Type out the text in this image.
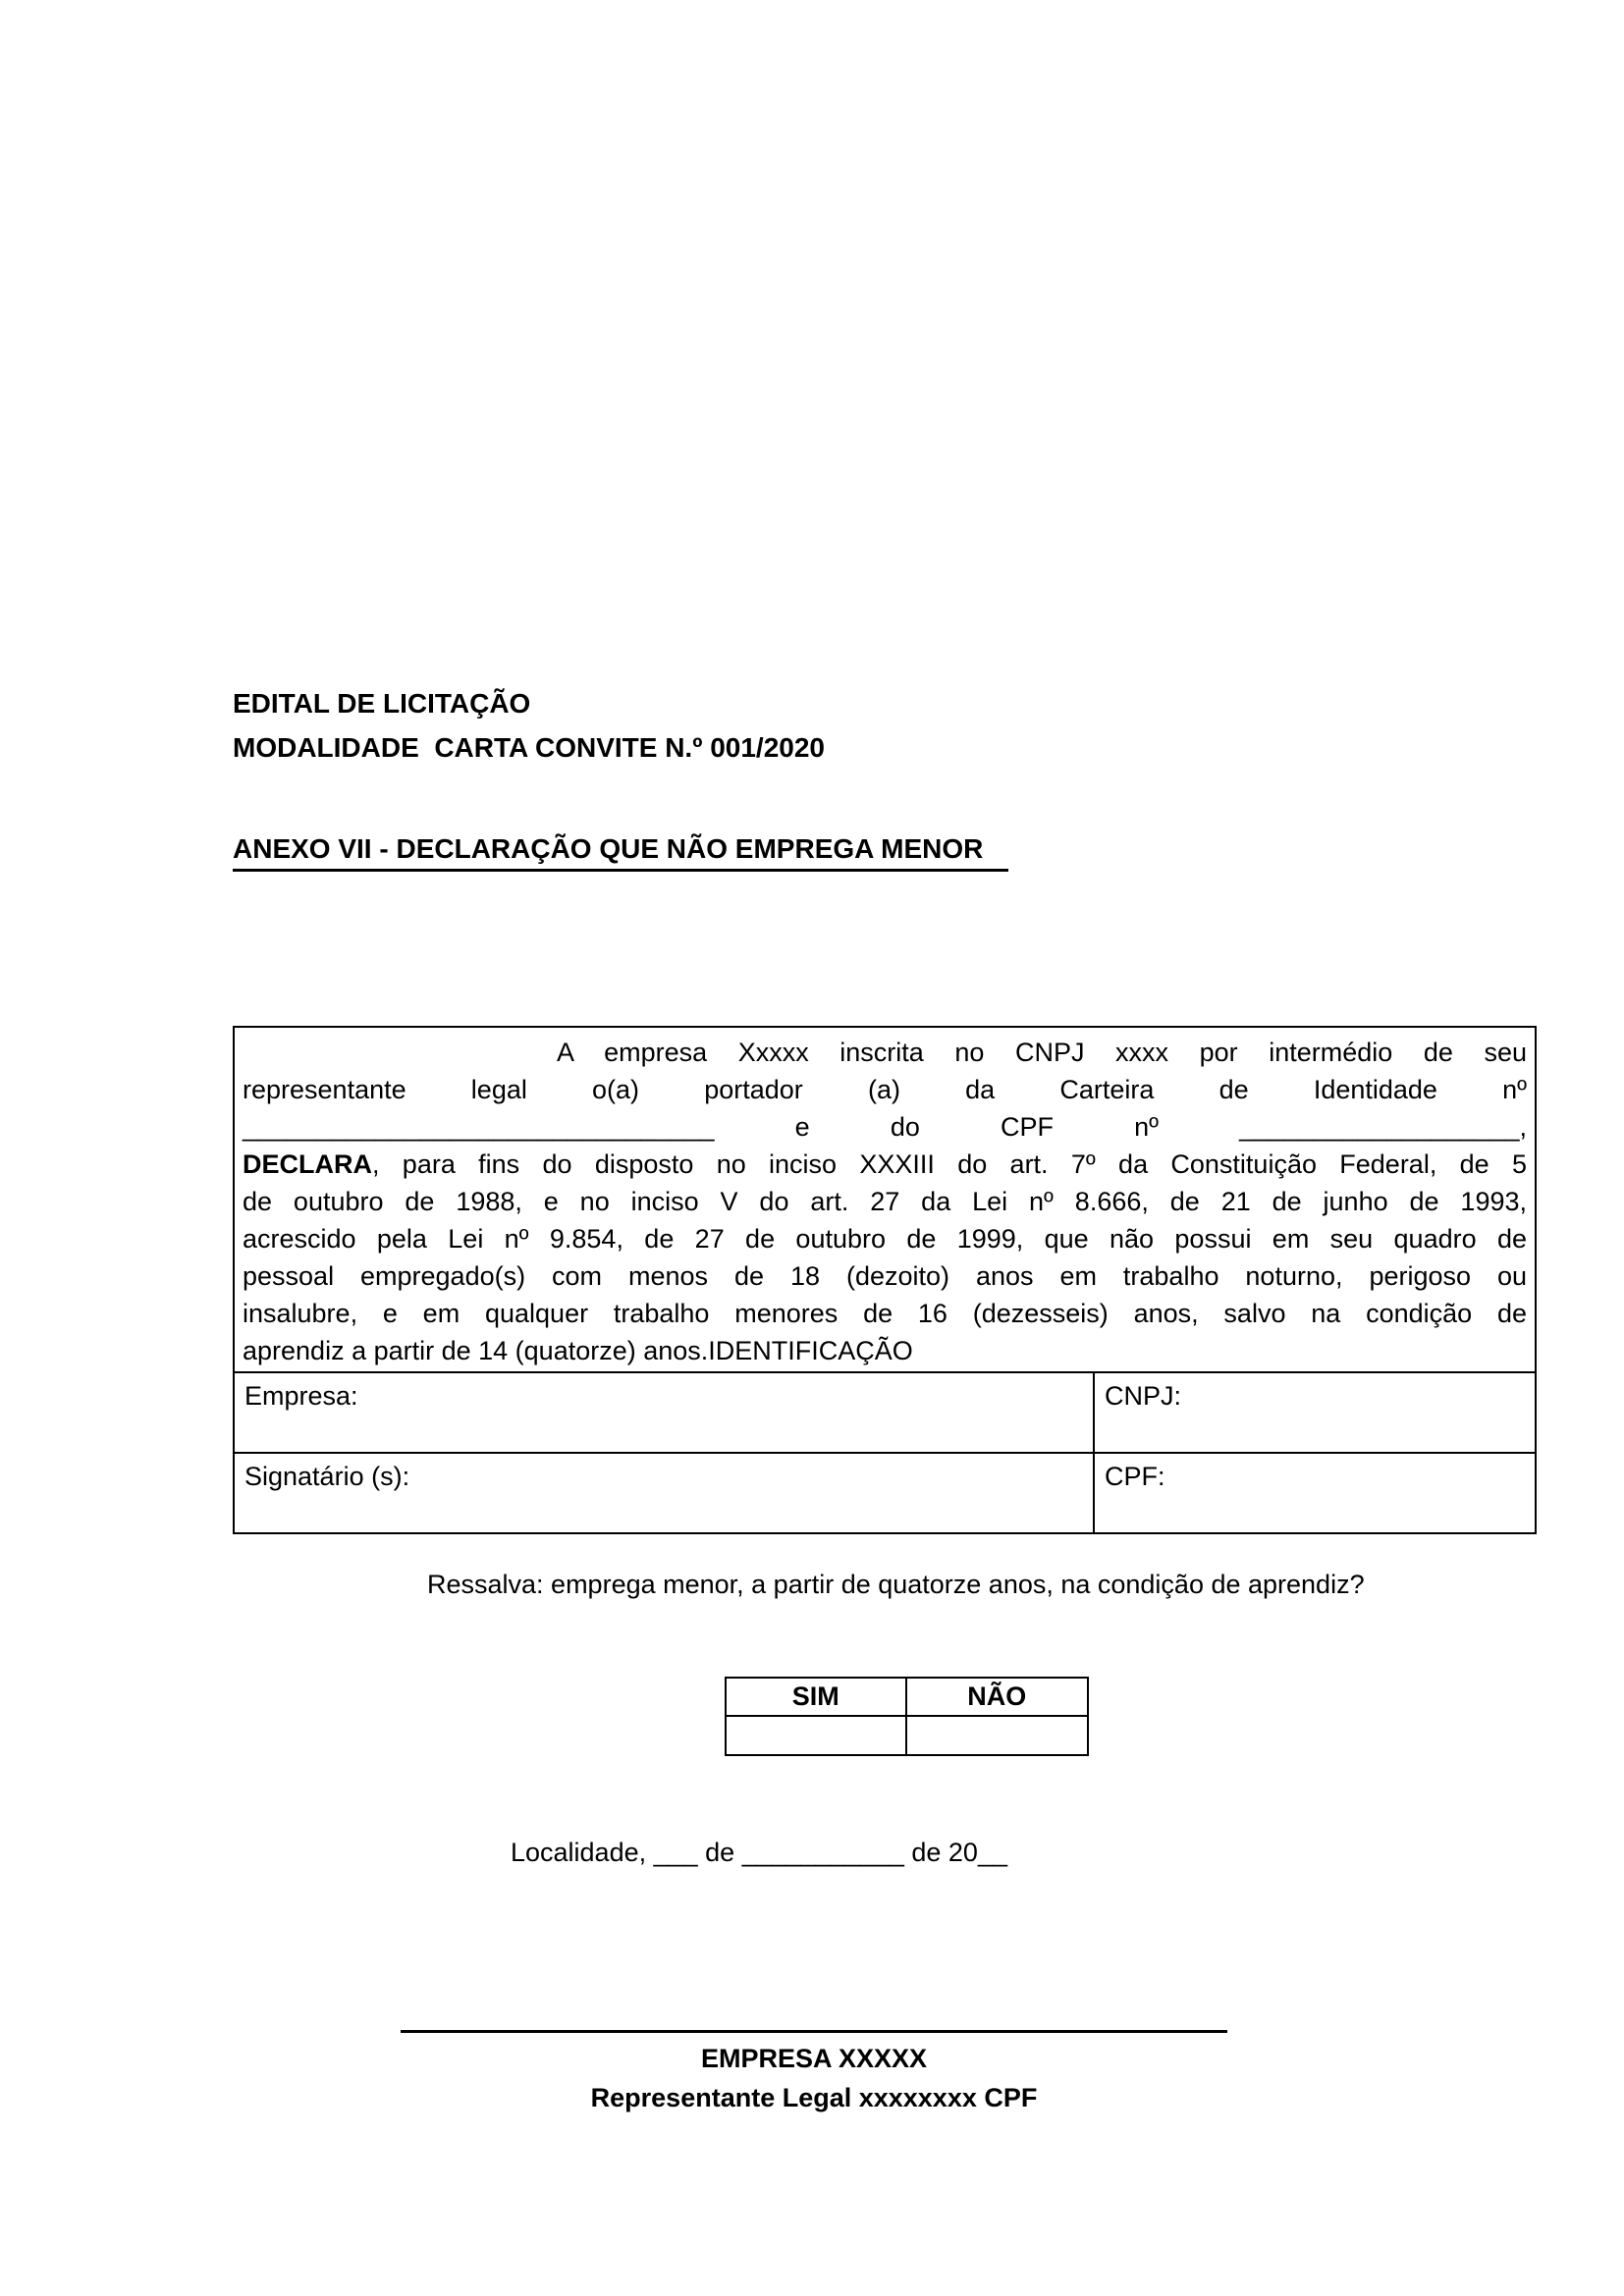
EDITAL DE LICITAÇÃO
MODALIDADE  CARTA CONVITE N.º 001/2020
ANEXO VII - DECLARAÇÃO QUE NÃO EMPREGA MENOR
A empresa Xxxxx inscrita no CNPJ xxxx por intermédio de seu
representante legal o(a) portador (a) da Carteira de Identidade nº
________________________________ e do CPF nº ___________________,
DECLARA, para fins do disposto no inciso XXXIII do art. 7º da Constituição Federal, de 5
de outubro de 1988, e no inciso V do art. 27 da Lei nº 8.666, de 21 de junho de 1993,
acrescido pela Lei nº 9.854, de 27 de outubro de 1999, que não possui em seu quadro de
pessoal empregado(s) com menos de 18 (dezoito) anos em trabalho noturno, perigoso ou
insalubre, e em qualquer trabalho menores de 16 (dezesseis) anos, salvo na condição de
aprendiz a partir de 14 (quatorze) anos.IDENTIFICAÇÃO
Empresa:	CNPJ:
Signatário (s):	CPF:
Ressalva: emprega menor, a partir de quatorze anos, na condição de aprendiz?
SIM	NÃO
Localidade, ___ de ___________ de 20__
EMPRESA XXXXX
Representante Legal xxxxxxxx CPF
